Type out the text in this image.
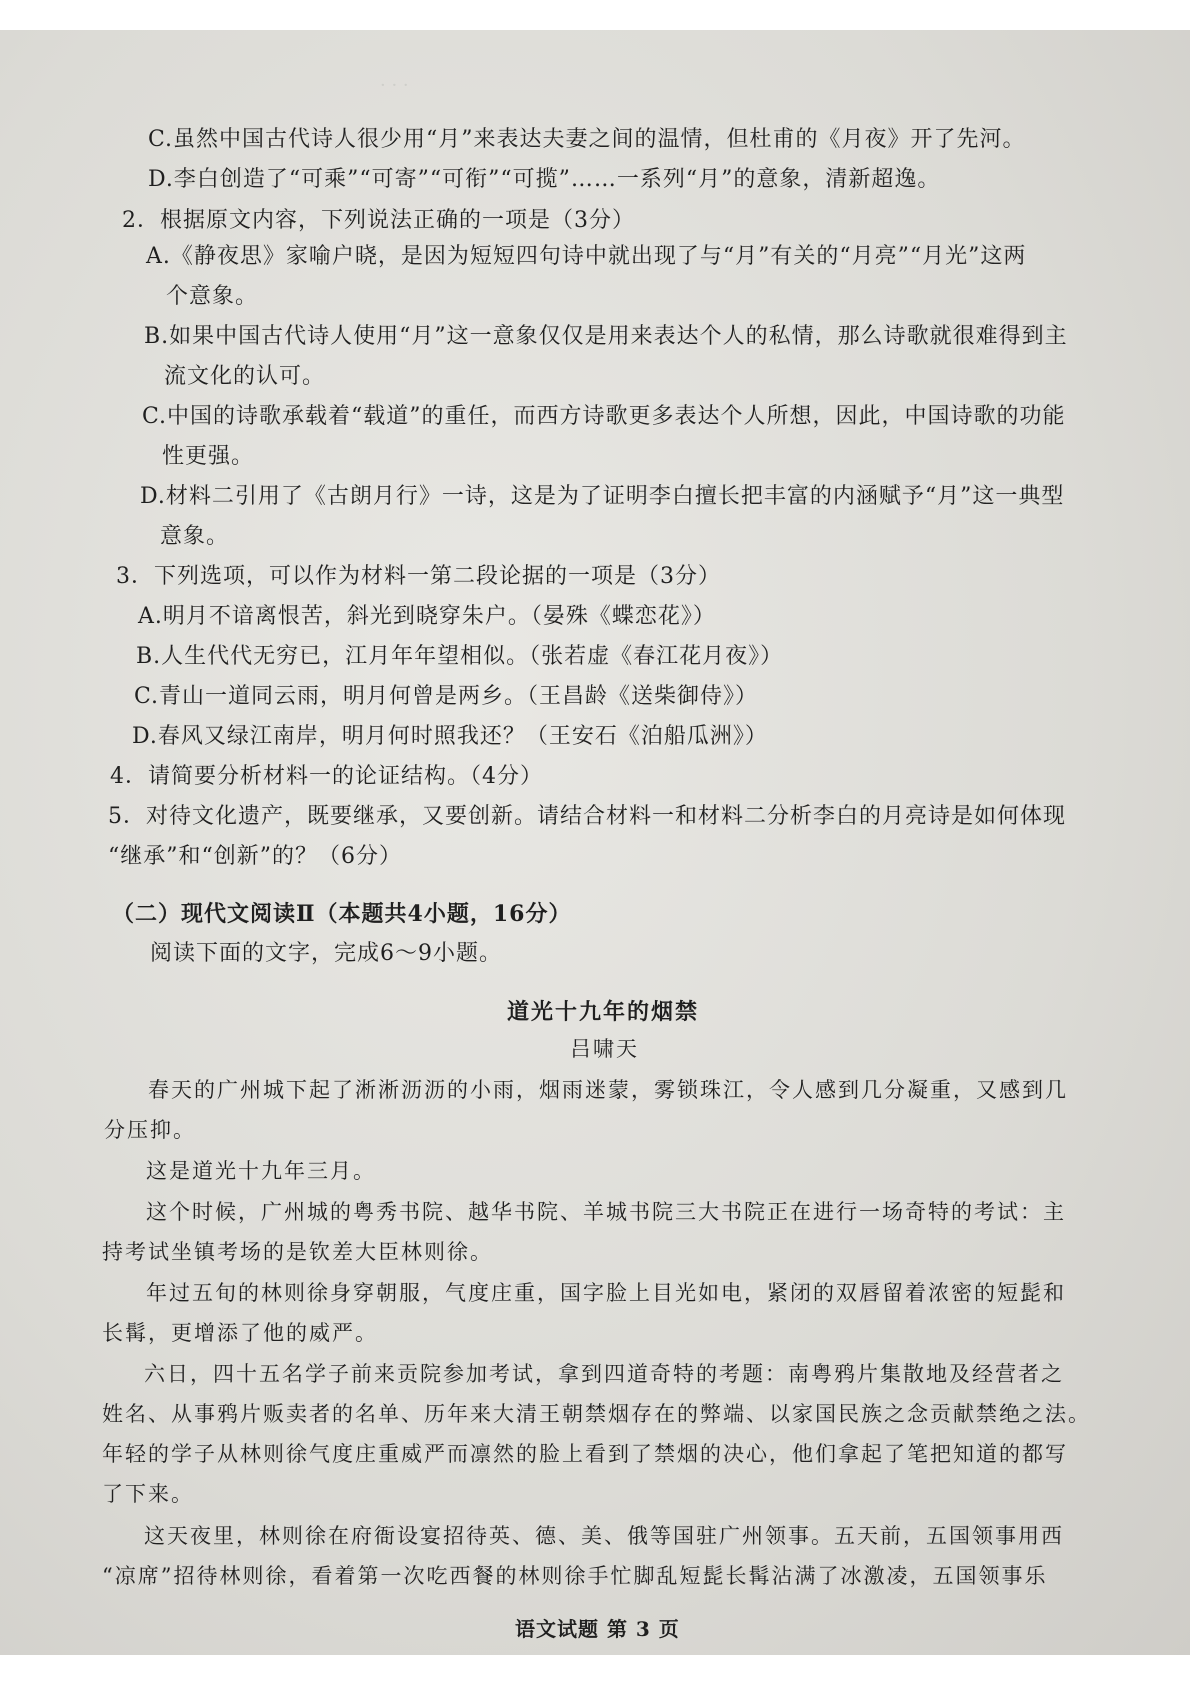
· · ·
C.虽然中国古代诗人很少用“月”来表达夫妻之间的温情，但杜甫的《月夜》开了先河。
D.李白创造了“可乘”“可寄”“可衔”“可揽”……一系列“月”的意象，清新超逸。
2．根据原文内容，下列说法正确的一项是（3分）
A.《静夜思》家喻户晓，是因为短短四句诗中就出现了与“月”有关的“月亮”“月光”这两
个意象。
B.如果中国古代诗人使用“月”这一意象仅仅是用来表达个人的私情，那么诗歌就很难得到主
流文化的认可。
C.中国的诗歌承载着“载道”的重任，而西方诗歌更多表达个人所想，因此，中国诗歌的功能
性更强。
D.材料二引用了《古朗月行》一诗，这是为了证明李白擅长把丰富的内涵赋予“月”这一典型
意象。
3．下列选项，可以作为材料一第二段论据的一项是（3分）
A.明月不谙离恨苦，斜光到晓穿朱户。（晏殊《蝶恋花》）
B.人生代代无穷已，江月年年望相似。（张若虚《春江花月夜》）
C.青山一道同云雨，明月何曾是两乡。（王昌龄《送柴御侍》）
D.春风又绿江南岸，明月何时照我还？（王安石《泊船瓜洲》）
4．请简要分析材料一的论证结构。（4分）
5．对待文化遗产，既要继承，又要创新。请结合材料一和材料二分析李白的月亮诗是如何体现
“继承”和“创新”的？（6分）
（二）现代文阅读Ⅱ（本题共4小题，16分）
阅读下面的文字，完成6～9小题。
道光十九年的烟禁
吕啸天
春天的广州城下起了淅淅沥沥的小雨，烟雨迷蒙，雾锁珠江，令人感到几分凝重，又感到几
分压抑。
这是道光十九年三月。
这个时候，广州城的粤秀书院、越华书院、羊城书院三大书院正在进行一场奇特的考试：主
持考试坐镇考场的是钦差大臣林则徐。
年过五旬的林则徐身穿朝服，气度庄重，国字脸上目光如电，紧闭的双唇留着浓密的短髭和
长髯，更增添了他的威严。
六日，四十五名学子前来贡院参加考试，拿到四道奇特的考题：南粤鸦片集散地及经营者之
姓名、从事鸦片贩卖者的名单、历年来大清王朝禁烟存在的弊端、以家国民族之念贡献禁绝之法。
年轻的学子从林则徐气度庄重威严而凛然的脸上看到了禁烟的决心，他们拿起了笔把知道的都写
了下来。
这天夜里，林则徐在府衙设宴招待英、德、美、俄等国驻广州领事。五天前，五国领事用西
“凉席”招待林则徐，看着第一次吃西餐的林则徐手忙脚乱短髭长髯沾满了冰激凌，五国领事乐
语文试题 第 3 页
